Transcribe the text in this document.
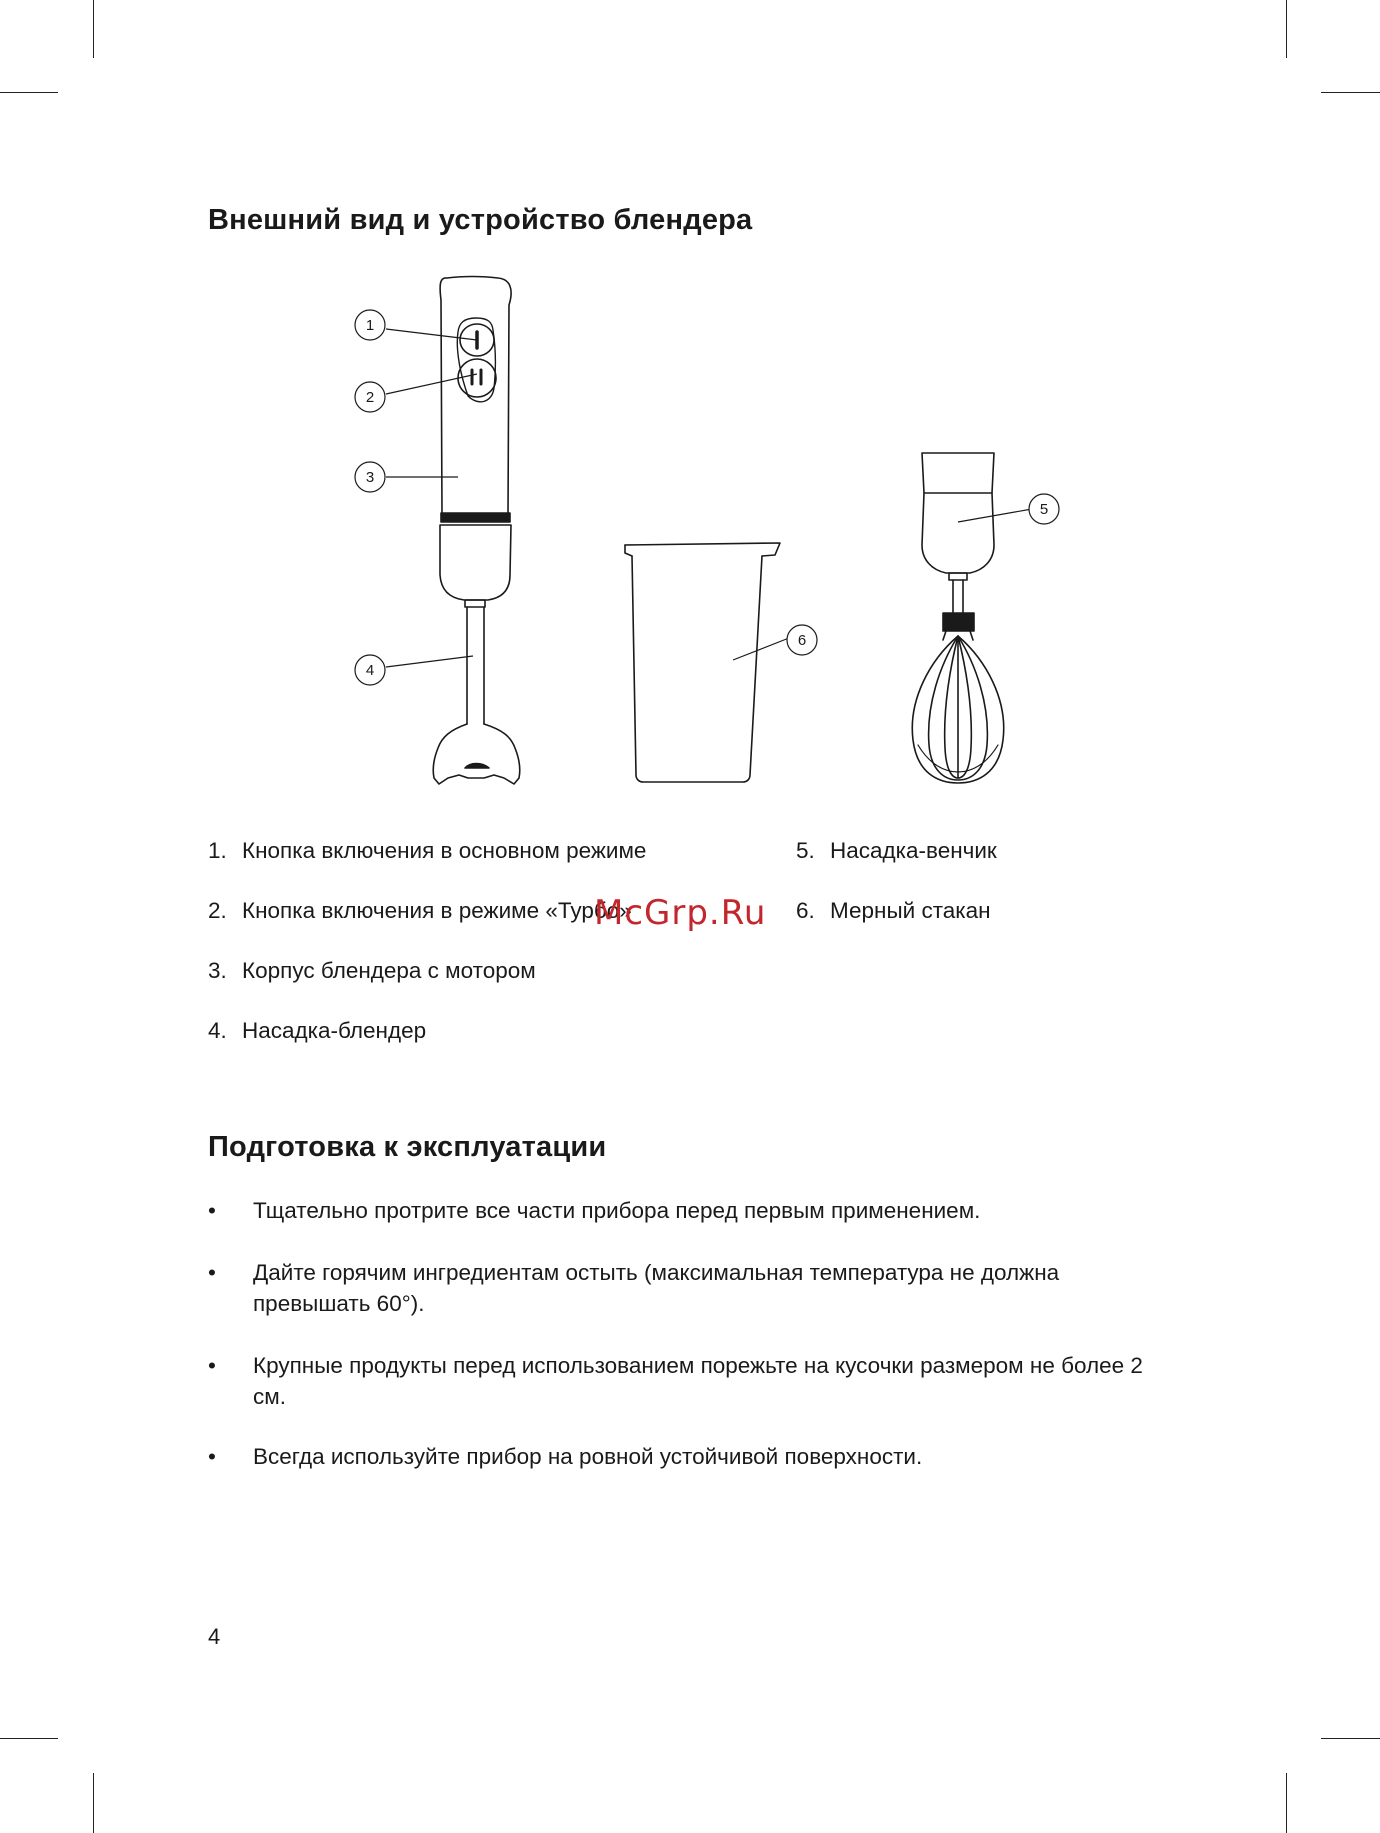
Внешний вид и устройство блендера
1
2
3
4
5
6
1. Кнопка включения в основном режиме
2. Кнопка включения в режиме «Турбо»
3. Корпус блендера с мотором
4. Насадка-блендер
5. Насадка-венчик
6. Мерный стакан
McGrp.Ru
Подготовка к эксплуатации
• Тщательно протрите все части прибора перед первым применением.
• Дайте горячим ингредиентам остыть (максимальная температура не должна превышать 60°).
• Крупные продукты перед использованием порежьте на кусочки размером не более 2 см.
• Всегда используйте прибор на ровной устойчивой поверхности.
4
